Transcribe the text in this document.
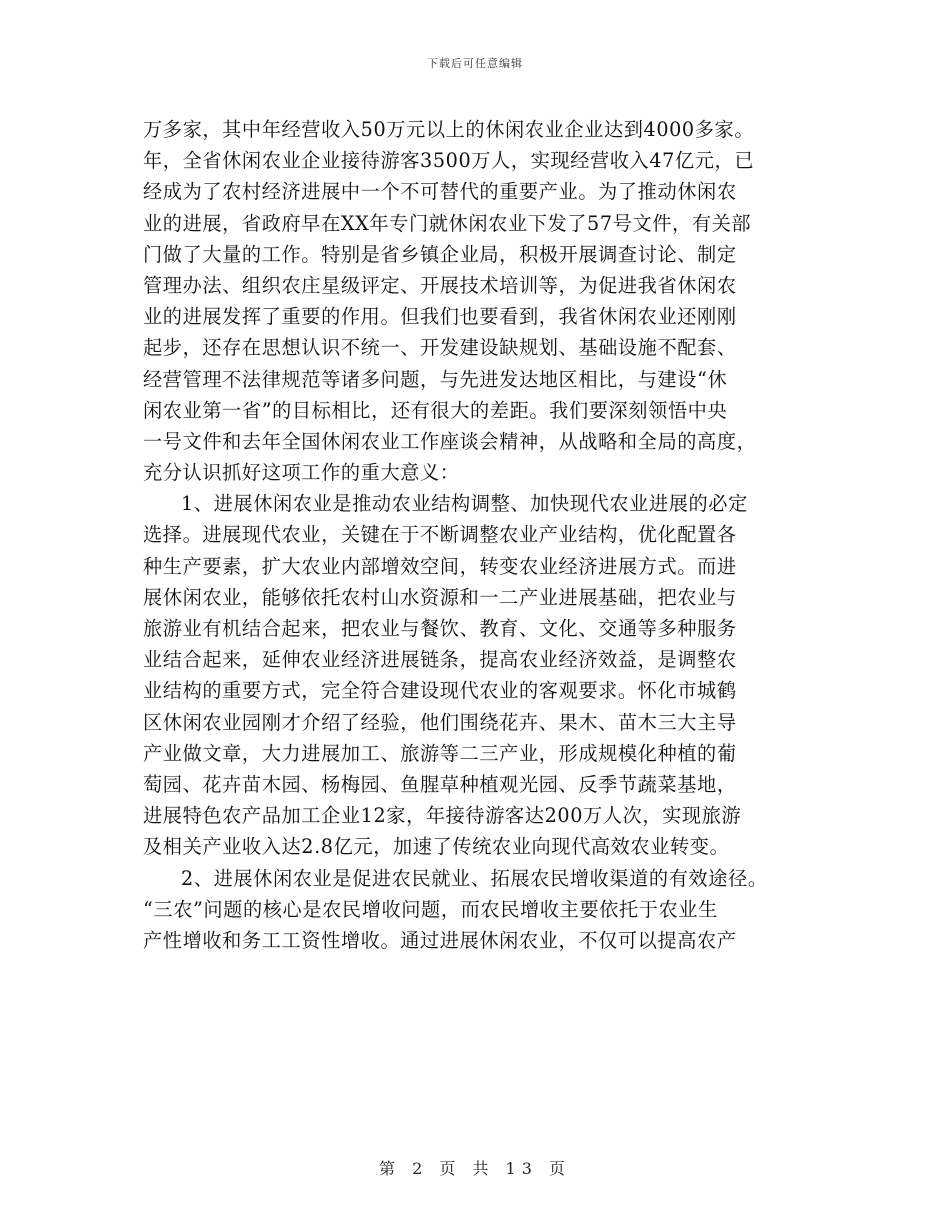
下载后可任意编辑
万多家，其中年经营收入50万元以上的休闲农业企业达到4000多家。
年，全省休闲农业企业接待游客3500万人，实现经营收入47亿元，已
经成为了农村经济进展中一个不可替代的重要产业。为了推动休闲农
业的进展，省政府早在XX年专门就休闲农业下发了57号文件，有关部
门做了大量的工作。特别是省乡镇企业局，积极开展调查讨论、制定
管理办法、组织农庄星级评定、开展技术培训等，为促进我省休闲农
业的进展发挥了重要的作用。但我们也要看到，我省休闲农业还刚刚
起步，还存在思想认识不统一、开发建设缺规划、基础设施不配套、
经营管理不法律规范等诸多问题，与先进发达地区相比，与建设“休
闲农业第一省”的目标相比，还有很大的差距。我们要深刻领悟中央
一号文件和去年全国休闲农业工作座谈会精神，从战略和全局的高度，
充分认识抓好这项工作的重大意义：
1、进展休闲农业是推动农业结构调整、加快现代农业进展的必定
选择。进展现代农业，关键在于不断调整农业产业结构，优化配置各
种生产要素，扩大农业内部增效空间，转变农业经济进展方式。而进
展休闲农业，能够依托农村山水资源和一二产业进展基础，把农业与
旅游业有机结合起来，把农业与餐饮、教育、文化、交通等多种服务
业结合起来，延伸农业经济进展链条，提高农业经济效益，是调整农
业结构的重要方式，完全符合建设现代农业的客观要求。怀化市城鹤
区休闲农业园刚才介绍了经验，他们围绕花卉、果木、苗木三大主导
产业做文章，大力进展加工、旅游等二三产业，形成规模化种植的葡
萄园、花卉苗木园、杨梅园、鱼腥草种植观光园、反季节蔬菜基地，
进展特色农产品加工企业12家，年接待游客达200万人次，实现旅游
及相关产业收入达2.8亿元，加速了传统农业向现代高效农业转变。
2、进展休闲农业是促进农民就业、拓展农民增收渠道的有效途径。
“三农”问题的核心是农民增收问题，而农民增收主要依托于农业生
产性增收和务工工资性增收。通过进展休闲农业，不仅可以提高农产
第 2 页 共 13 页
